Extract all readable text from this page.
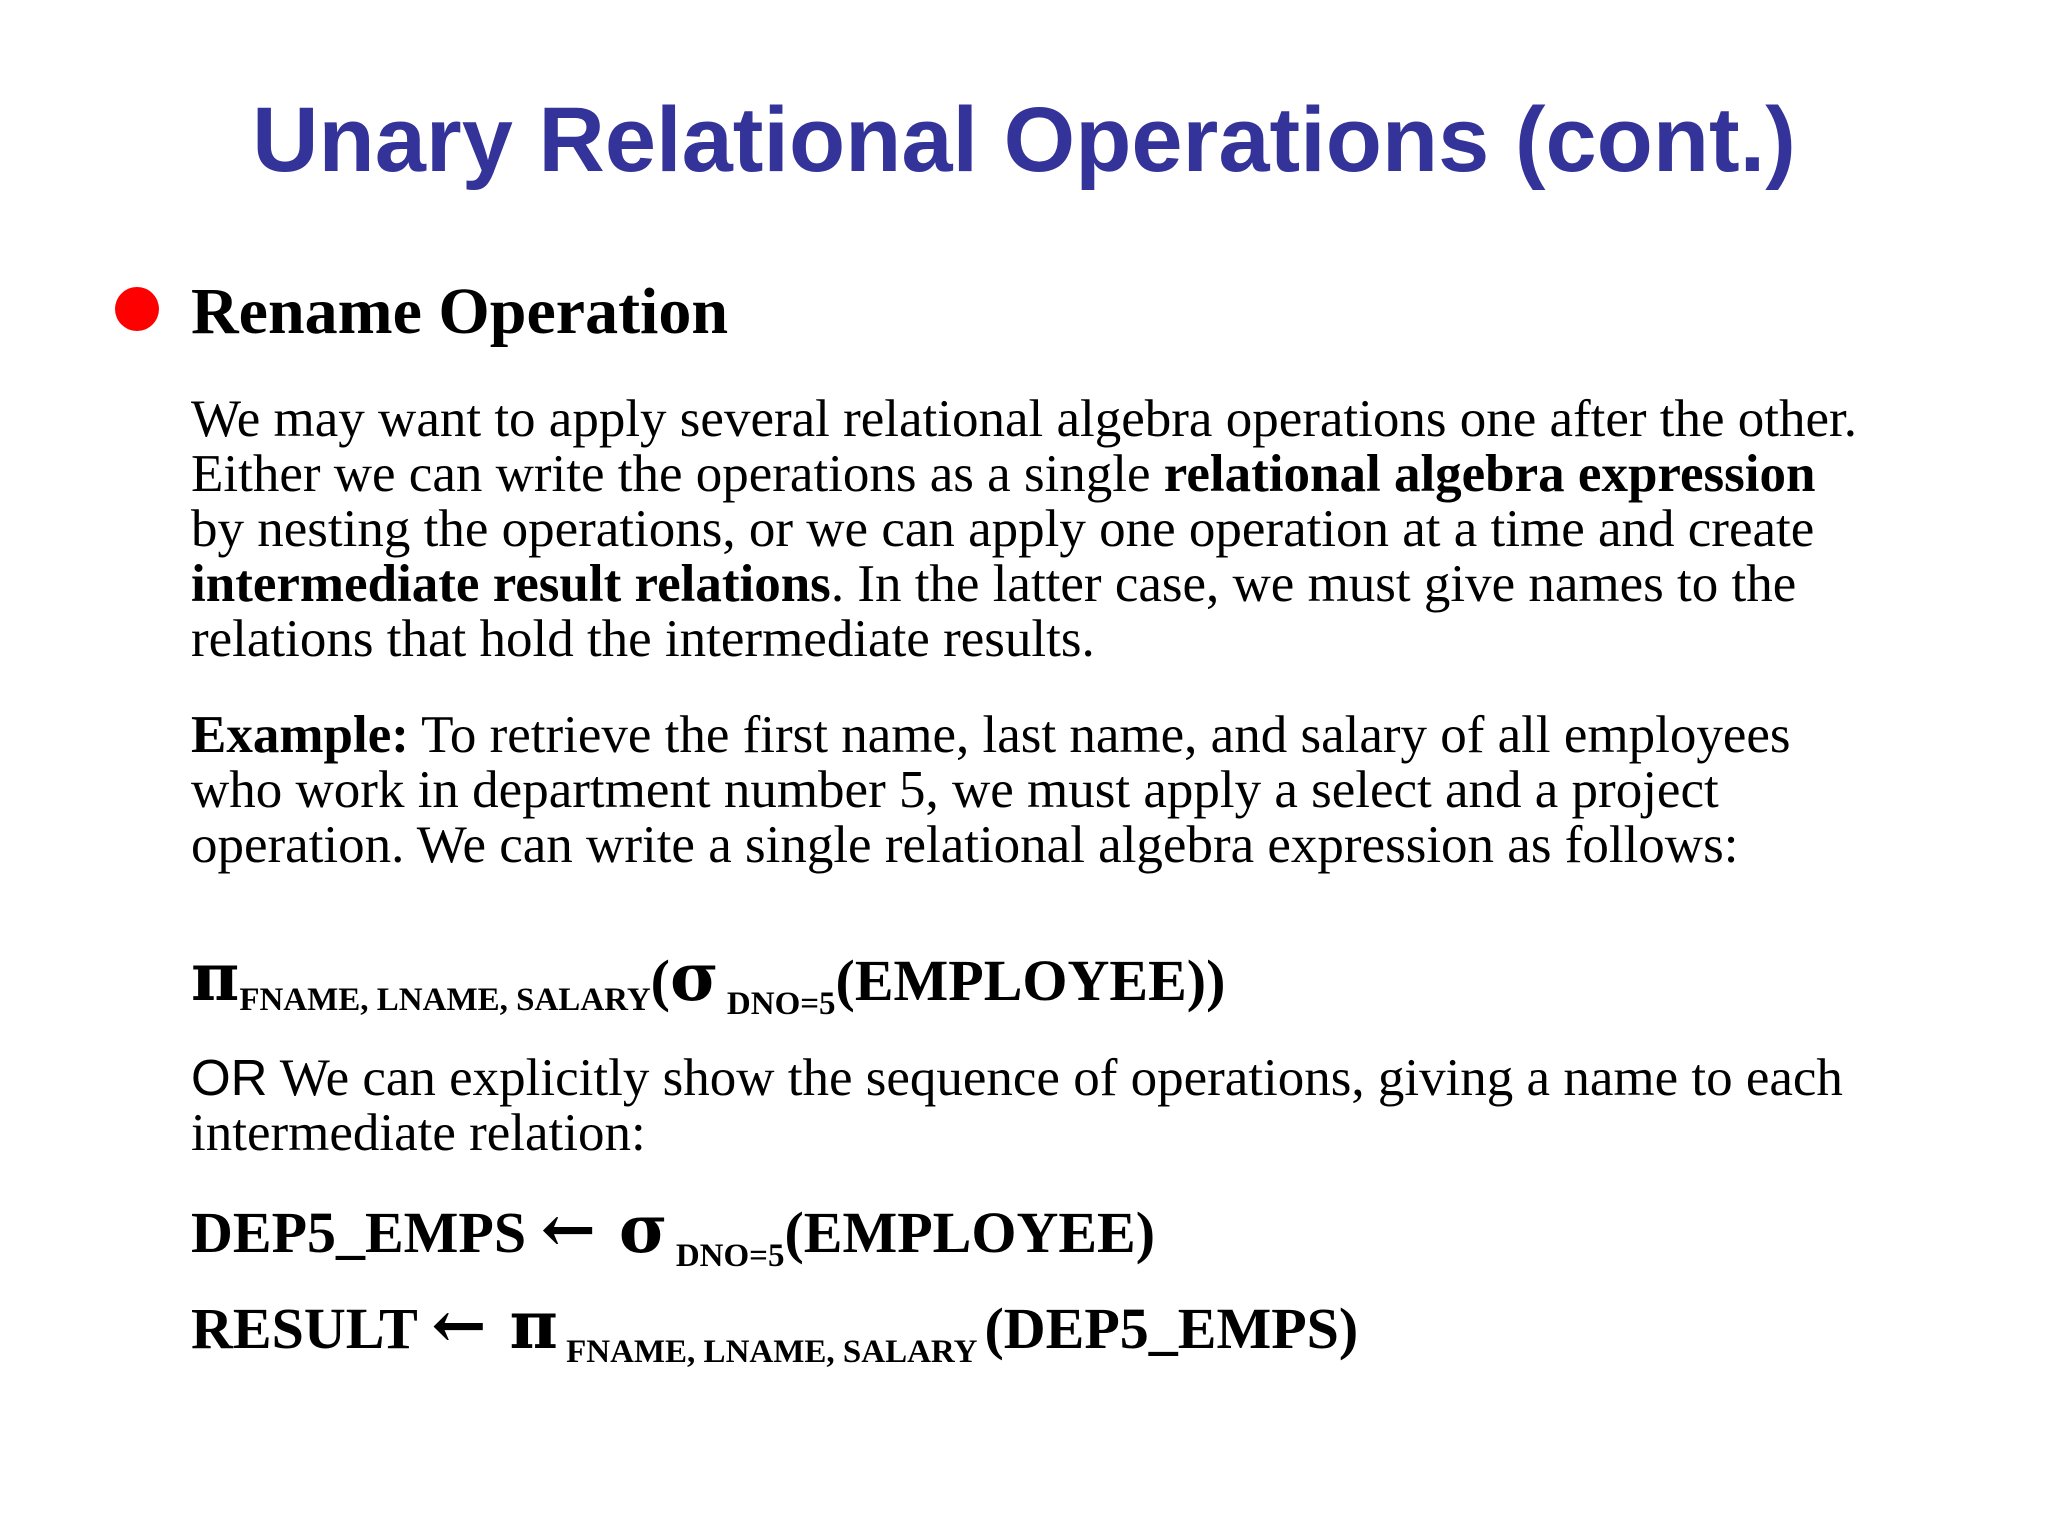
Unary Relational Operations (cont.)
Rename Operation

We may want to apply several relational algebra operations one after the other.
Either we can write the operations as a single relational algebra expression
by nesting the operations, or we can apply one operation at a time and create
intermediate result relations. In the latter case, we must give names to the
relations that hold the intermediate results.

Example: To retrieve the first name, last name, and salary of all employees
who work in department number 5, we must apply a select and a project
operation. We can write a single relational algebra expression as follows:

πFNAME, LNAME, SALARY(σ DNO=5(EMPLOYEE))

OR We can explicitly show the sequence of operations, giving a name to each
intermediate relation:

DEP5_EMPS ← σ DNO=5(EMPLOYEE)

RESULT ← π FNAME, LNAME, SALARY (DEP5_EMPS)
